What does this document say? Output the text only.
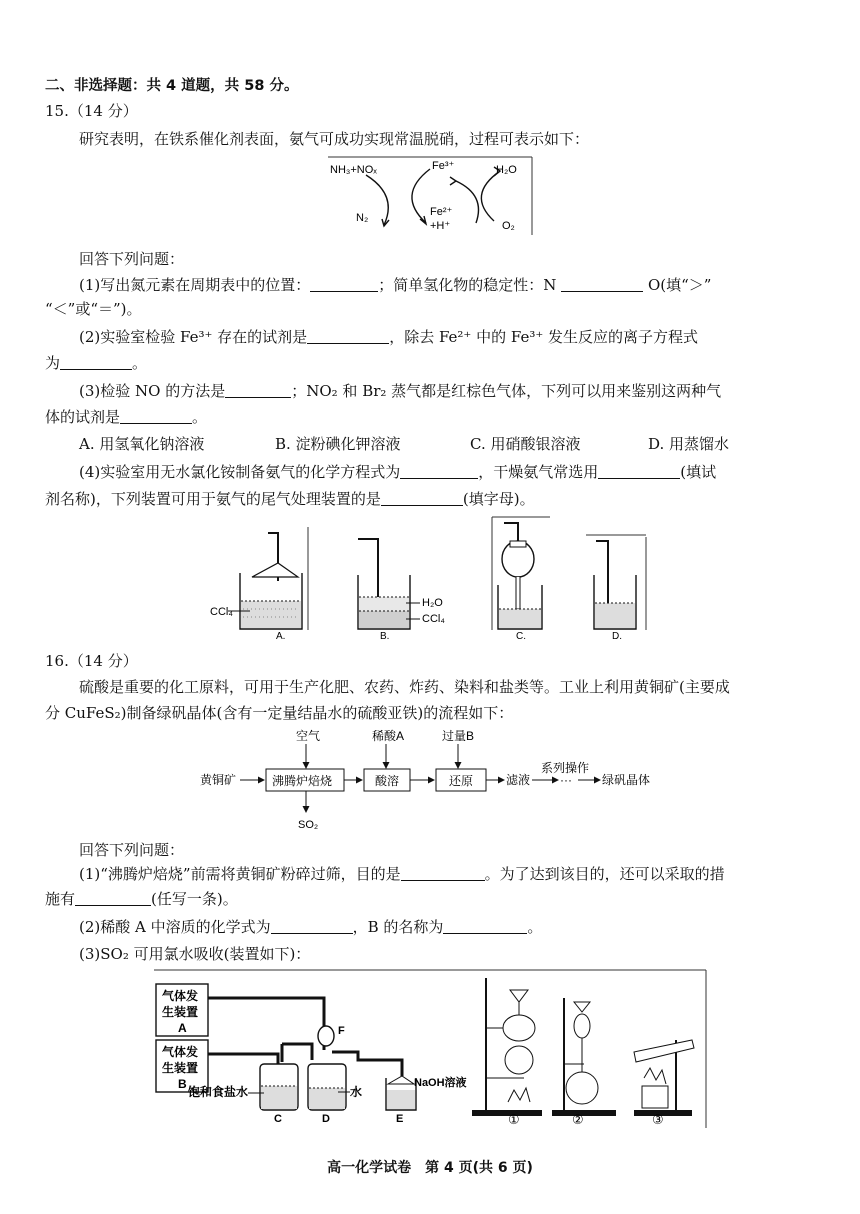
二、非选择题：共 4 道题，共 58 分。
15.（14 分）
研究表明，在铁系催化剂表面，氨气可成功实现常温脱硝，过程可表示如下：
NH₃+NOₓ	Fe³⁺	H₂O
N₂	Fe²⁺
+H⁺	O₂
回答下列问题：
(1)写出氮元素在周期表中的位置：	；简单氢化物的稳定性：N	O(填“＞”
“＜”或“＝”)。
(2)实验室检验 Fe³⁺ 存在的试剂是	，除去 Fe²⁺ 中的 Fe³⁺ 发生反应的离子方程式
为	。
(3)检验 NO 的方法是	；NO₂ 和 Br₂ 蒸气都是红棕色气体，下列可以用来鉴别这两种气
体的试剂是	。
A. 用氢氧化钠溶液	B. 淀粉碘化钾溶液	C. 用硝酸银溶液	D. 用蒸馏水
(4)实验室用无水氯化铵制备氨气的化学方程式为	，干燥氨气常选用	(填试
剂名称)，下列装置可用于氨气的尾气处理装置的是	(填字母)。
CCl₄
A.
H₂O
CCl₄
B.	C.	D.
16.（14 分）
硫酸是重要的化工原料，可用于生产化肥、农药、炸药、染料和盐类等。工业上利用黄铜矿(主要成
分 CuFeS₂)制备绿矾晶体(含有一定量结晶水的硫酸亚铁)的流程如下：
空气	稀酸A	过量B
黄铜矿	沸腾炉焙烧	酸溶	还原	滤液
系列操作
···	绿矾晶体
SO₂
回答下列问题：
(1)“沸腾炉焙烧”前需将黄铜矿粉碎过筛，目的是	。为了达到该目的，还可以采取的措
施有	(任写一条)。
(2)稀酸 A 中溶质的化学式为	，B 的名称为	。
(3)SO₂ 可用氯水吸收(装置如下)：
气体发
生装置
A
气体发
生装置
B
饱和食盐水
C
F
水
D
NaOH溶液
E	①	②	③
高一化学试卷　第 4 页(共 6 页)
